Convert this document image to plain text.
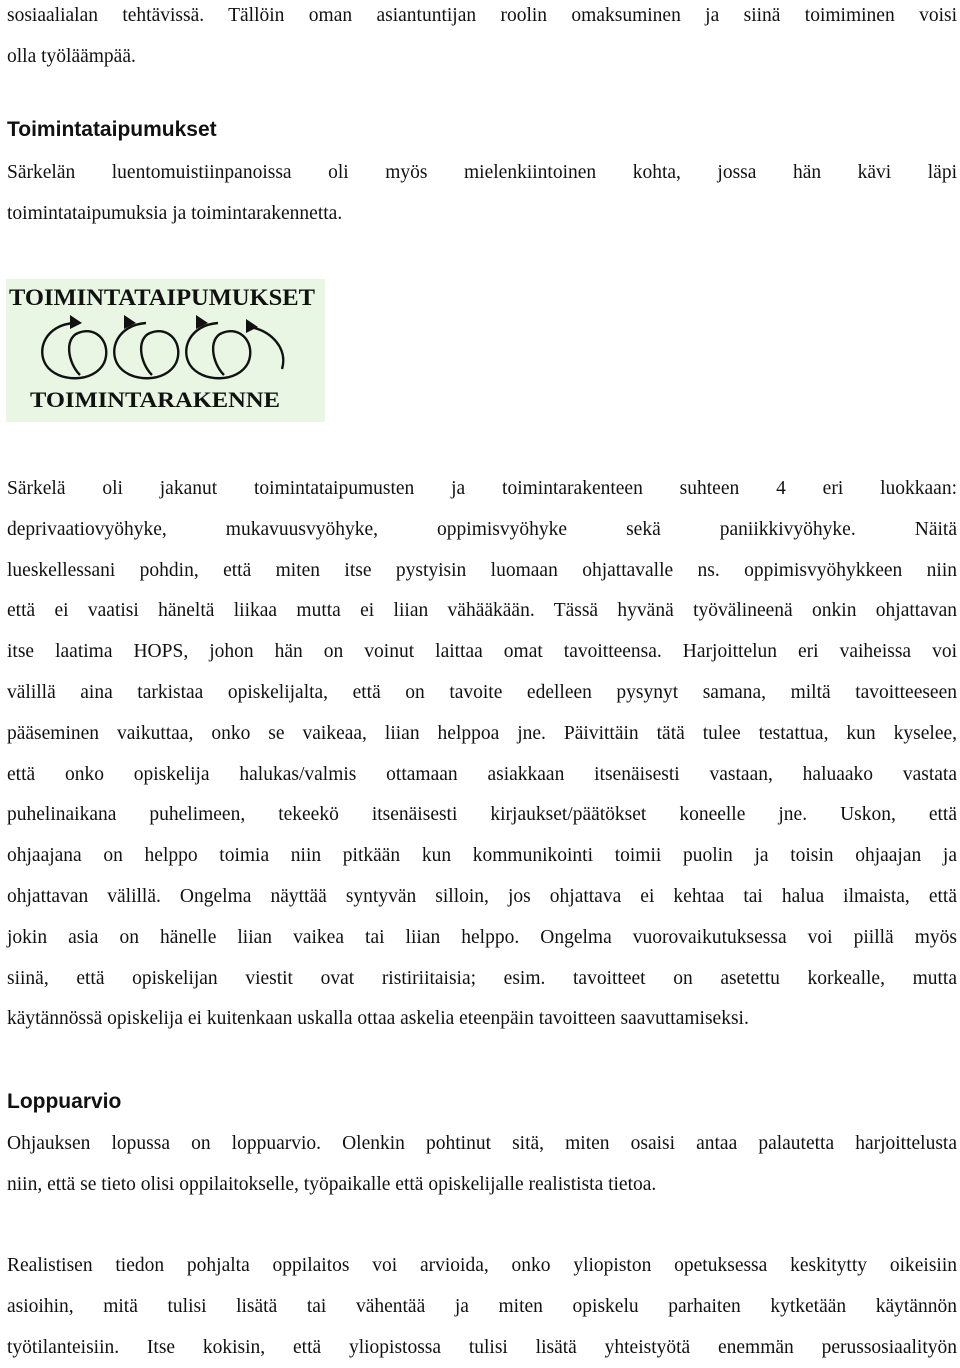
sosiaalialan tehtävissä. Tällöin oman asiantuntijan roolin omaksuminen ja siinä toimiminen voisi
olla työläämpää.
Toimintataipumukset
Särkelän luentomuistiinpanoissa oli myös mielenkiintoinen kohta, jossa hän kävi läpi
toimintataipumuksia ja toimintarakennetta.
TOIMINTATAIPUMUKSET
TOIMINTARAKENNE
Särkelä oli jakanut toimintataipumusten ja toimintarakenteen suhteen 4 eri luokkaan:
deprivaatiovyöhyke, mukavuusvyöhyke, oppimisvyöhyke sekä paniikkivyöhyke. Näitä
lueskellessani pohdin, että miten itse pystyisin luomaan ohjattavalle ns. oppimisvyöhykkeen niin
että ei vaatisi häneltä liikaa mutta ei liian vähääkään. Tässä hyvänä työvälineenä onkin ohjattavan
itse laatima HOPS, johon hän on voinut laittaa omat tavoitteensa. Harjoittelun eri vaiheissa voi
välillä aina tarkistaa opiskelijalta, että on tavoite edelleen pysynyt samana, miltä tavoitteeseen
pääseminen vaikuttaa, onko se vaikeaa, liian helppoa jne. Päivittäin tätä tulee testattua, kun kyselee,
että onko opiskelija halukas/valmis ottamaan asiakkaan itsenäisesti vastaan, haluaako vastata
puhelinaikana puhelimeen, tekeekö itsenäisesti kirjaukset/päätökset koneelle jne. Uskon, että
ohjaajana on helppo toimia niin pitkään kun kommunikointi toimii puolin ja toisin ohjaajan ja
ohjattavan välillä. Ongelma näyttää syntyvän silloin, jos ohjattava ei kehtaa tai halua ilmaista, että
jokin asia on hänelle liian vaikea tai liian helppo. Ongelma vuorovaikutuksessa voi piillä myös
siinä, että opiskelijan viestit ovat ristiriitaisia; esim. tavoitteet on asetettu korkealle, mutta
käytännössä opiskelija ei kuitenkaan uskalla ottaa askelia eteenpäin tavoitteen saavuttamiseksi.
Loppuarvio
Ohjauksen lopussa on loppuarvio. Olenkin pohtinut sitä, miten osaisi antaa palautetta harjoittelusta
niin, että se tieto olisi oppilaitokselle, työpaikalle että opiskelijalle realistista tietoa.
Realistisen tiedon pohjalta oppilaitos voi arvioida, onko yliopiston opetuksessa keskitytty oikeisiin
asioihin, mitä tulisi lisätä tai vähentää ja miten opiskelu parhaiten kytketään käytännön
työtilanteisiin. Itse kokisin, että yliopistossa tulisi lisätä yhteistyötä enemmän perussosiaalityön
